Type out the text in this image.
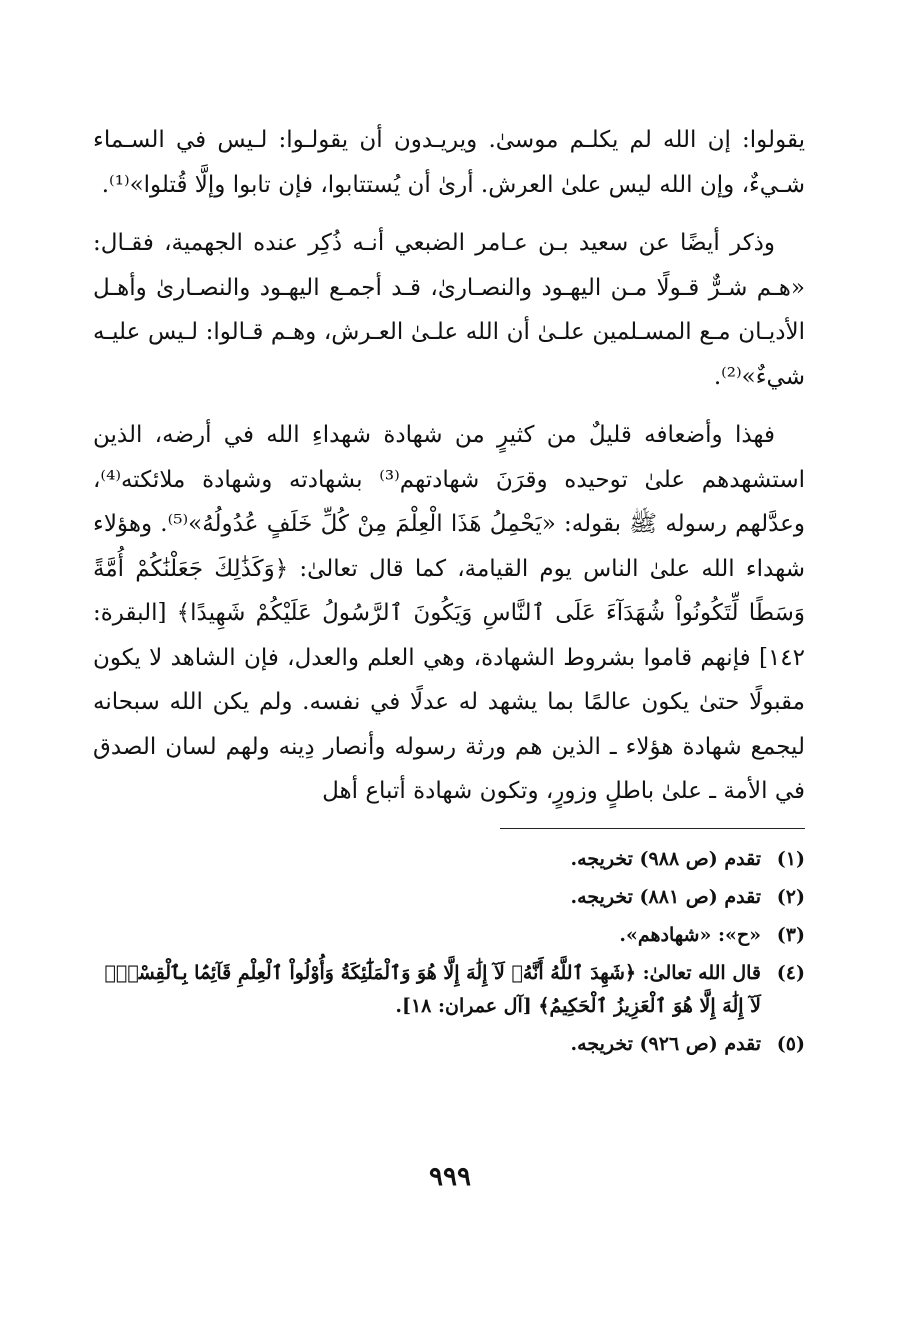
يقولوا: إن الله لم يكلـم موسىٰ. ويريـدون أن يقولـوا: لـيس في السـماء شـيءٌ، وإن الله ليس علىٰ العرش. أرىٰ أن يُستتابوا، فإن تابوا وإلَّا قُتلوا»⁽¹⁾.

وذكر أيضًا عن سعيد بـن عـامر الضبعي أنـه ذُكِر عنده الجهمية، فقـال: «هـم شـرٌّ قـولًا مـن اليهـود والنصـارىٰ، قـد أجمـع اليهـود والنصـارىٰ وأهـل الأديـان مـع المسـلمين علـىٰ أن الله علـىٰ العـرش، وهـم قـالوا: لـيس عليـه شيءٌ»⁽²⁾.

فهذا وأضعافه قليلٌ من كثيرٍ من شهادة شهداءِ الله في أرضه، الذين استشهدهم علىٰ توحيده وقرَنَ شهادتهم⁽³⁾ بشهادته وشهادة ملائكته⁽⁴⁾، وعدَّلهم رسوله ﷺ بقوله: «يَحْمِلُ هَذَا الْعِلْمَ مِنْ كُلِّ خَلَفٍ عُدُولُهُ»⁽⁵⁾. وهؤلاء شهداء الله علىٰ الناس يوم القيامة، كما قال تعالىٰ: ﴿وَكَذَٰلِكَ جَعَلْنَٰكُمْ أُمَّةً وَسَطًا لِّتَكُونُواْ شُهَدَآءَ عَلَى ٱلنَّاسِ وَيَكُونَ ٱلرَّسُولُ عَلَيْكُمْ شَهِيدًا﴾ [البقرة: ١٤٢] فإنهم قاموا بشروط الشهادة، وهي العلم والعدل، فإن الشاهد لا يكون مقبولًا حتىٰ يكون عالمًا بما يشهد له عدلًا في نفسه. ولم يكن الله سبحانه ليجمع شهادة هؤلاء ـ الذين هم ورثة رسوله وأنصار دِينه ولهم لسان الصدق في الأمة ـ علىٰ باطلٍ وزورٍ، وتكون شهادة أتباع أهل

(١)
تقدم (ص ٩٨٨) تخريجه.
(٢)
تقدم (ص ٨٨١) تخريجه.
(٣)
«ح»: «شهادهم».
(٤)
قال الله تعالىٰ: ﴿شَهِدَ ٱللَّهُ أَنَّهُۥ لَآ إِلَٰهَ إِلَّا هُوَ وَٱلْمَلَٰٓئِكَةُ وَأُوْلُواْ ٱلْعِلْمِ قَآئِمَۢا بِٱلْقِسْطِۚ لَآ إِلَٰهَ إِلَّا هُوَ ٱلْعَزِيزُ ٱلْحَكِيمُ﴾ [آل عمران: ١٨].
(٥)
تقدم (ص ٩٢٦) تخريجه.
٩٩٩
